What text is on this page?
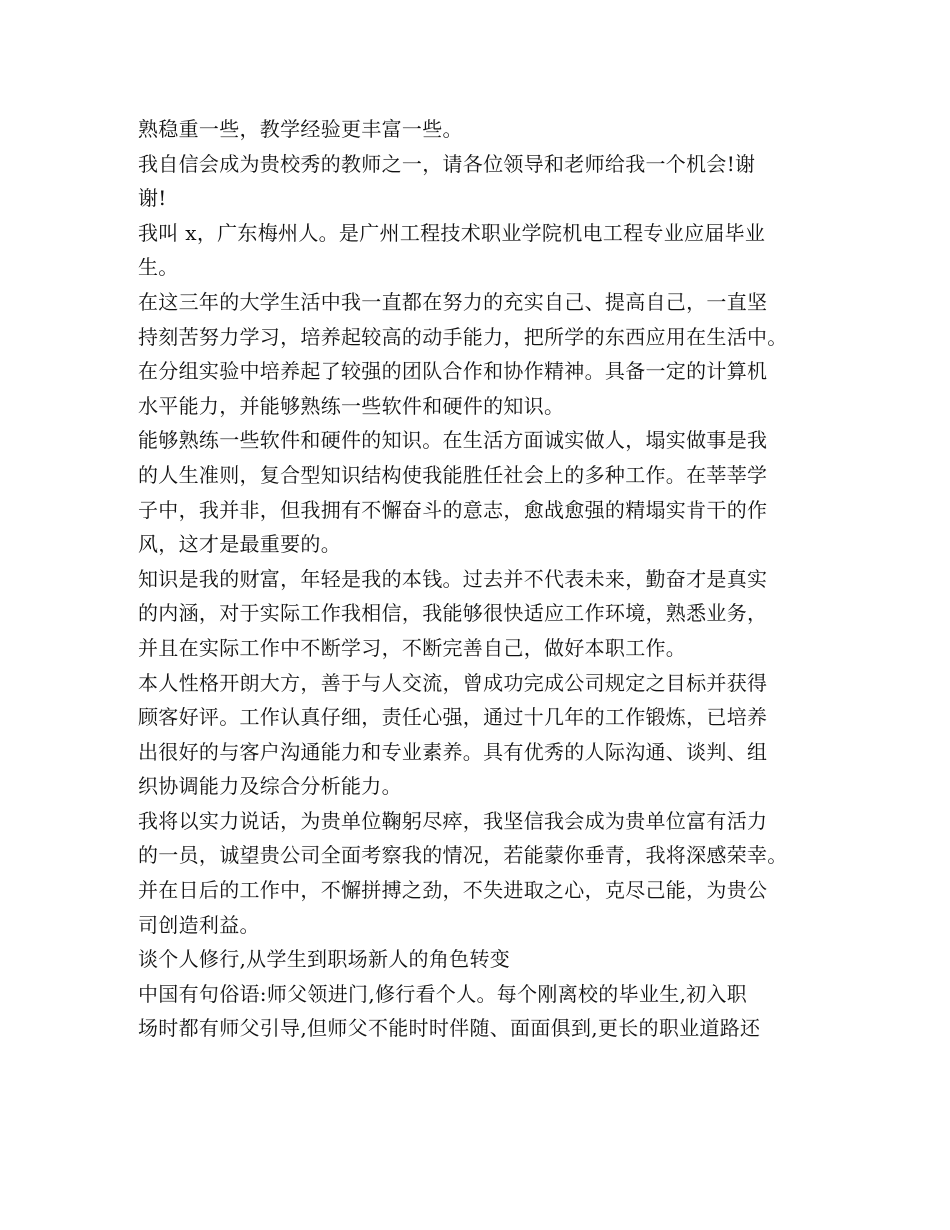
熟稳重一些，教学经验更丰富一些。
我自信会成为贵校秀的教师之一，请各位领导和老师给我一个机会!谢
谢!
我叫 x，广东梅州人。是广州工程技术职业学院机电工程专业应届毕业
生。
在这三年的大学生活中我一直都在努力的充实自己、提高自己，一直坚
持刻苦努力学习，培养起较高的动手能力，把所学的东西应用在生活中。
在分组实验中培养起了较强的团队合作和协作精神。具备一定的计算机
水平能力，并能够熟练一些软件和硬件的知识。
能够熟练一些软件和硬件的知识。在生活方面诚实做人，塌实做事是我
的人生准则，复合型知识结构使我能胜任社会上的多种工作。在莘莘学
子中，我并非，但我拥有不懈奋斗的意志，愈战愈强的精塌实肯干的作
风，这才是最重要的。
知识是我的财富，年轻是我的本钱。过去并不代表未来，勤奋才是真实
的内涵，对于实际工作我相信，我能够很快适应工作环境，熟悉业务，
并且在实际工作中不断学习，不断完善自己，做好本职工作。
本人性格开朗大方，善于与人交流，曾成功完成公司规定之目标并获得
顾客好评。工作认真仔细，责任心强，通过十几年的工作锻炼，已培养
出很好的与客户沟通能力和专业素养。具有优秀的人际沟通、谈判、组
织协调能力及综合分析能力。
我将以实力说话，为贵单位鞠躬尽瘁，我坚信我会成为贵单位富有活力
的一员，诚望贵公司全面考察我的情况，若能蒙你垂青，我将深感荣幸。
并在日后的工作中，不懈拼搏之劲，不失进取之心，克尽己能，为贵公
司创造利益。
谈个人修行,从学生到职场新人的角色转变
中国有句俗语:师父领进门,修行看个人。每个刚离校的毕业生,初入职
场时都有师父引导,但师父不能时时伴随、面面俱到,更长的职业道路还
